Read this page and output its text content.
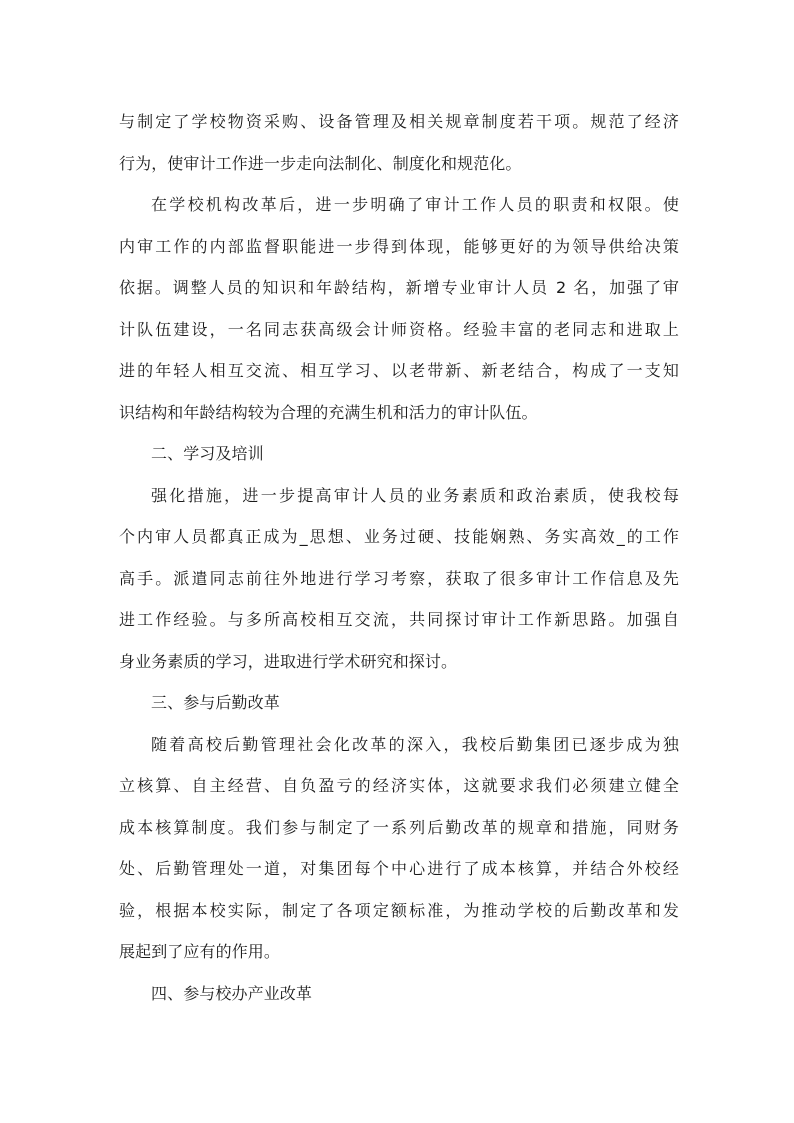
与制定了学校物资采购、设备管理及相关规章制度若干项。规范了经济
行为，使审计工作进一步走向法制化、制度化和规范化。
在学校机构改革后，进一步明确了审计工作人员的职责和权限。使
内审工作的内部监督职能进一步得到体现，能够更好的为领导供给决策
依据。调整人员的知识和年龄结构，新增专业审计人员 2 名，加强了审
计队伍建设，一名同志获高级会计师资格。经验丰富的老同志和进取上
进的年轻人相互交流、相互学习、以老带新、新老结合，构成了一支知
识结构和年龄结构较为合理的充满生机和活力的审计队伍。
二、学习及培训
强化措施，进一步提高审计人员的业务素质和政治素质，使我校每
个内审人员都真正成为_思想、业务过硬、技能娴熟、务实高效_的工作
高手。派遣同志前往外地进行学习考察，获取了很多审计工作信息及先
进工作经验。与多所高校相互交流，共同探讨审计工作新思路。加强自
身业务素质的学习，进取进行学术研究和探讨。
三、参与后勤改革
随着高校后勤管理社会化改革的深入，我校后勤集团已逐步成为独
立核算、自主经营、自负盈亏的经济实体，这就要求我们必须建立健全
成本核算制度。我们参与制定了一系列后勤改革的规章和措施，同财务
处、后勤管理处一道，对集团每个中心进行了成本核算，并结合外校经
验，根据本校实际，制定了各项定额标准，为推动学校的后勤改革和发
展起到了应有的作用。
四、参与校办产业改革
